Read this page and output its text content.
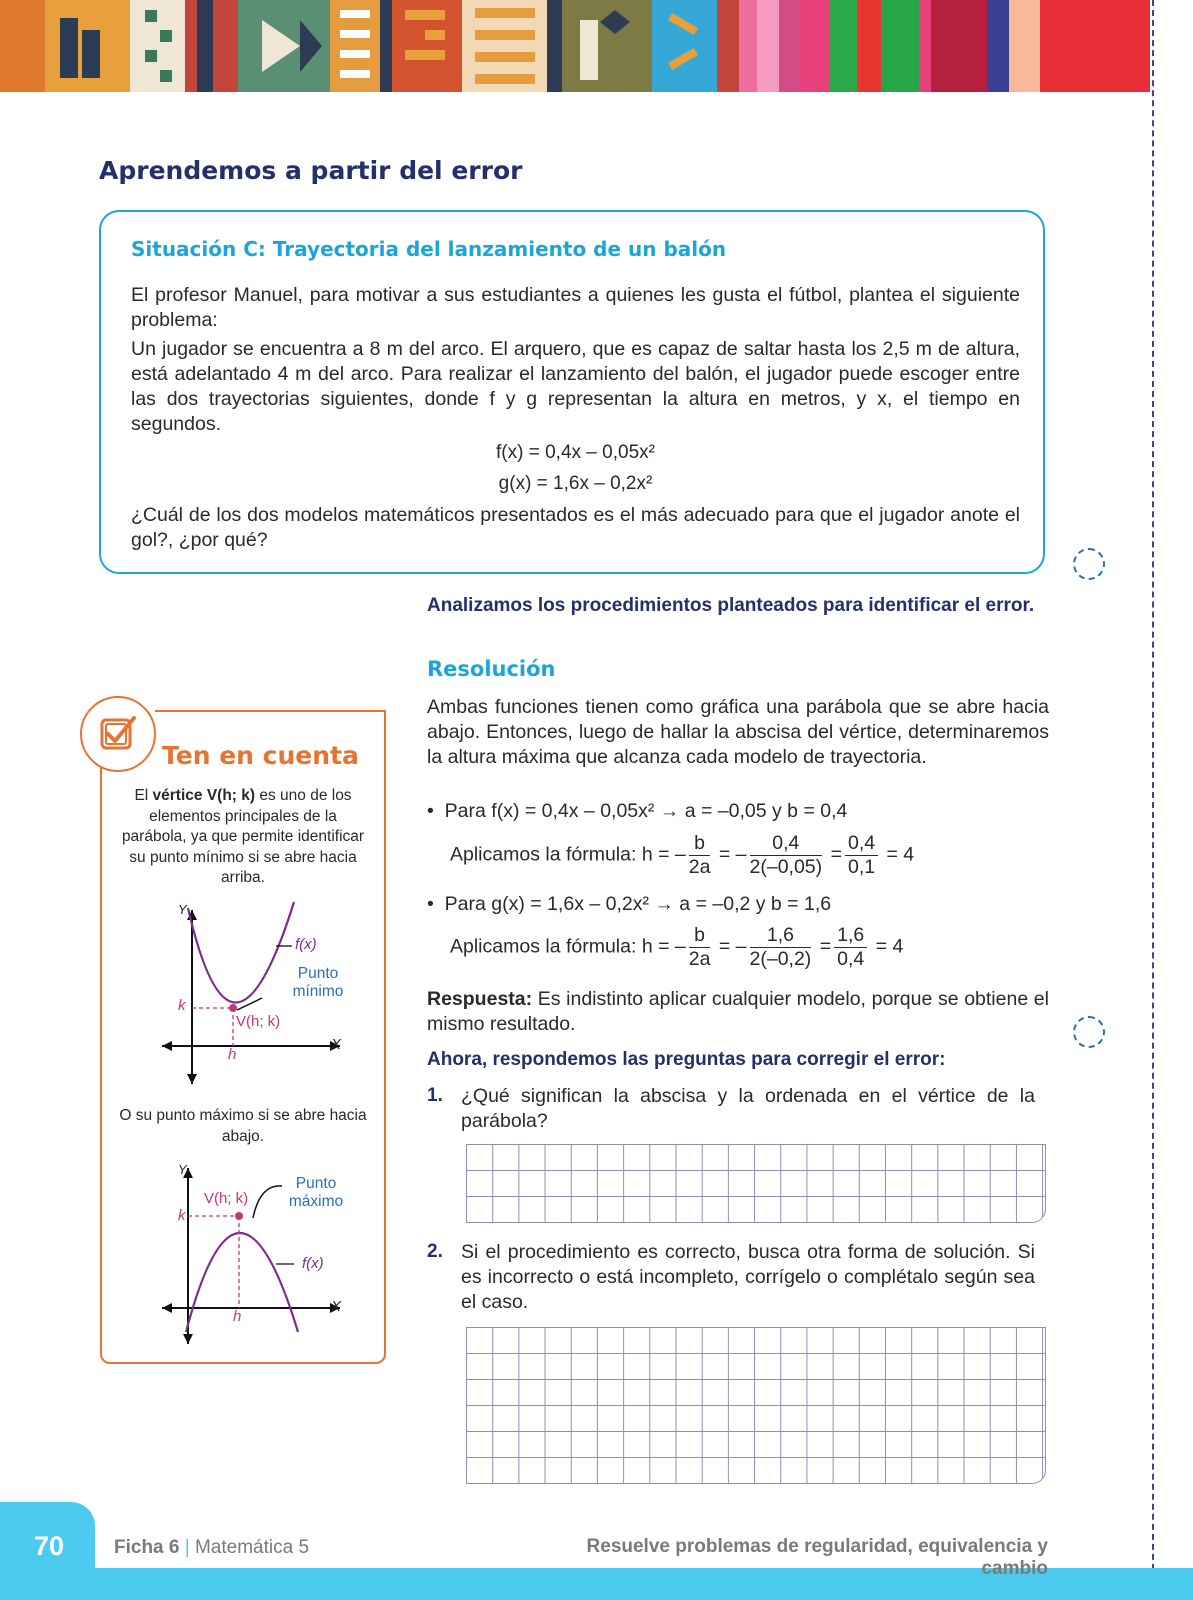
Aprendemos a partir del error
Situación C: Trayectoria del lanzamiento de un balón
El profesor Manuel, para motivar a sus estudiantes a quienes les gusta el fútbol, plantea el siguiente problema:
Un jugador se encuentra a 8 m del arco. El arquero, que es capaz de saltar hasta los 2,5 m de altura, está adelantado 4 m del arco. Para realizar el lanzamiento del balón, el jugador puede escoger entre las dos trayectorias siguientes, donde f y g representan la altura en metros, y x, el tiempo en segundos.
f(x) = 0,4x – 0,05x²
g(x) = 1,6x – 0,2x²
¿Cuál de los dos modelos matemáticos presentados es el más adecuado para que el jugador anote el gol?, ¿por qué?
Analizamos los procedimientos planteados para identificar el error.
Resolución
Ambas funciones tienen como gráfica una parábola que se abre hacia abajo. Entonces, luego de hallar la abscisa del vértice, determinaremos la altura máxima que alcanza cada modelo de trayectoria.
•  Para f(x) = 0,4x – 0,05x² → a = –0,05 y b = 0,4
Aplicamos la fórmula: h = – $\frac{b}{2a}$ = – $\frac{0,4}{2(-0,05)} = \frac{0,4}{0,1} = 4$
•  Para g(x) = 1,6x – 0,2x² → a = –0,2 y b = 1,6
Aplicamos la fórmula: h = – $\frac{b}{2a}$ = – $\frac{1,6}{2(-0,2)} = \frac{1,6}{0,4} = 4$
Respuesta: Es indistinto aplicar cualquier modelo, porque se obtiene el mismo resultado.
Ahora, respondemos las preguntas para corregir el error:
1. ¿Qué significan la abscisa y la ordenada en el vértice de la parábola?
2. Si el procedimiento es correcto, busca otra forma de solución. Si es incorrecto o está incompleto, corrígelo o complétalo según sea el caso.
Ten en cuenta
El vértice V(h; k) es uno de los elementos principales de la parábola, ya que permite identificar su punto mínimo si se abre hacia arriba.
Y
X
k
h
V(h; k)
f(x)
Punto
mínimo
O su punto máximo si se abre hacia abajo.
Y
X
k
h
V(h; k)
f(x)
Punto
máximo
70	Ficha 6 | Matemática 5	Resuelve problemas de regularidad, equivalencia y cambio
